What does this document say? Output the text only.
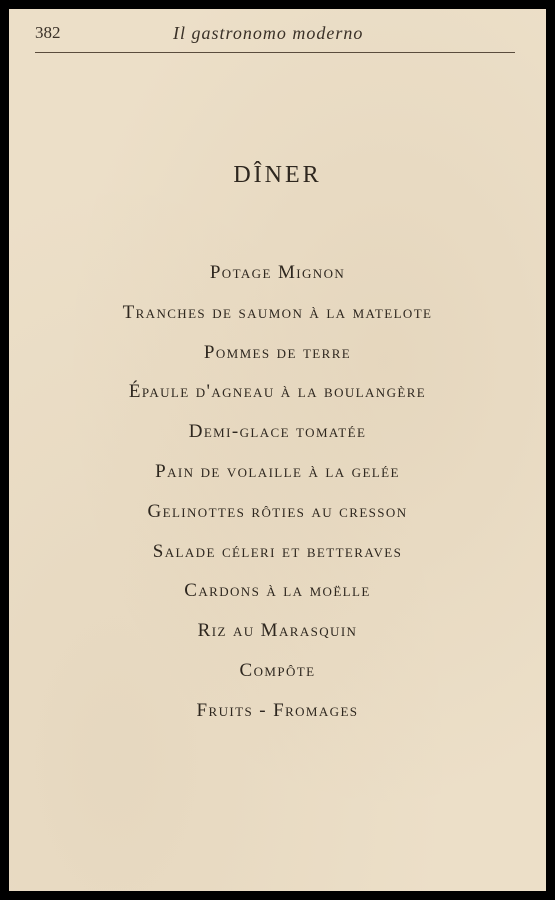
382	Il gastronomo moderno
DÎNER
Potage Mignon
Tranches de saumon à la matelote
Pommes de terre
Épaule d'agneau à la boulangère
Demi-glace tomatée
Pain de volaille à la gelée
Gelinottes rôties au cresson
Salade céleri et betteraves
Cardons à la moëlle
Riz au Marasquin
Compôte
Fruits - Fromages
